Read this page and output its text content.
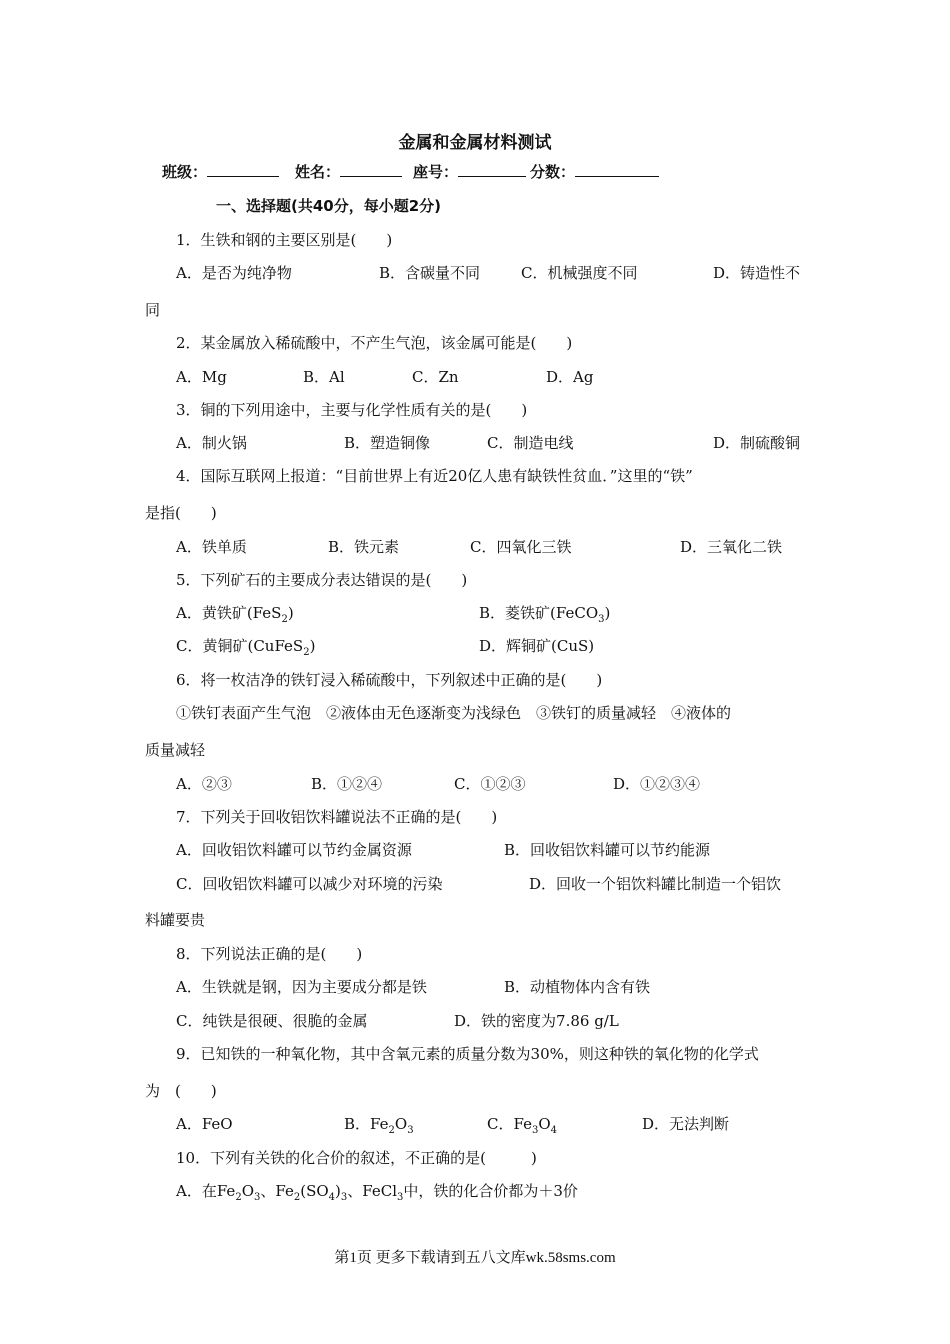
金属和金属材料测试
班级：	姓名：	座号：	分数：
一、选择题(共40分，每小题2分)
1．生铁和钢的主要区别是(　　)
A．是否为纯净物	B．含碳量不同	C．机械强度不同	D．铸造性不
同
2．某金属放入稀硫酸中，不产生气泡，该金属可能是(　　)
A．Mg	B．Al	C．Zn	D．Ag
3．铜的下列用途中，主要与化学性质有关的是(　　)
A．制火锅	B．塑造铜像	C．制造电线	D．制硫酸铜
4．国际互联网上报道：“目前世界上有近20亿人患有缺铁性贫血．”这里的“铁”
是指(　　)
A．铁单质	B．铁元素	C．四氧化三铁	D．三氧化二铁
5．下列矿石的主要成分表达错误的是(　　)
A．黄铁矿(FeS$_2$)	B．菱铁矿(FeCO$_3$)
C．黄铜矿(CuFeS$_2$)	D．辉铜矿(CuS)
6．将一枚洁净的铁钉浸入稀硫酸中，下列叙述中正确的是(　　)
①铁钉表面产生气泡　②液体由无色逐渐变为浅绿色　③铁钉的质量减轻　④液体的
质量减轻
A．②③	B．①②④	C．①②③	D．①②③④
7．下列关于回收铝饮料罐说法不正确的是(　　)
A．回收铝饮料罐可以节约金属资源	B．回收铝饮料罐可以节约能源
C．回收铝饮料罐可以减少对环境的污染	D．回收一个铝饮料罐比制造一个铝饮
料罐要贵
8．下列说法正确的是(　　)
A．生铁就是钢，因为主要成分都是铁	B．动植物体内含有铁
C．纯铁是很硬、很脆的金属	D．铁的密度为7.86 g/L
9．已知铁的一种氧化物，其中含氧元素的质量分数为30%，则这种铁的氧化物的化学式
为　(　　)
A．FeO	B．$Fe_2O_3$	C．$Fe_3O_4$	D．无法判断
10．下列有关铁的化合价的叙述，不正确的是(　　　)
A．在$Fe_2O_3$、$Fe_2(SO_4)_3$、FeCl$_3$中，铁的化合价都为＋3价
第1页 更多下载请到五八文库wk.58sms.com
